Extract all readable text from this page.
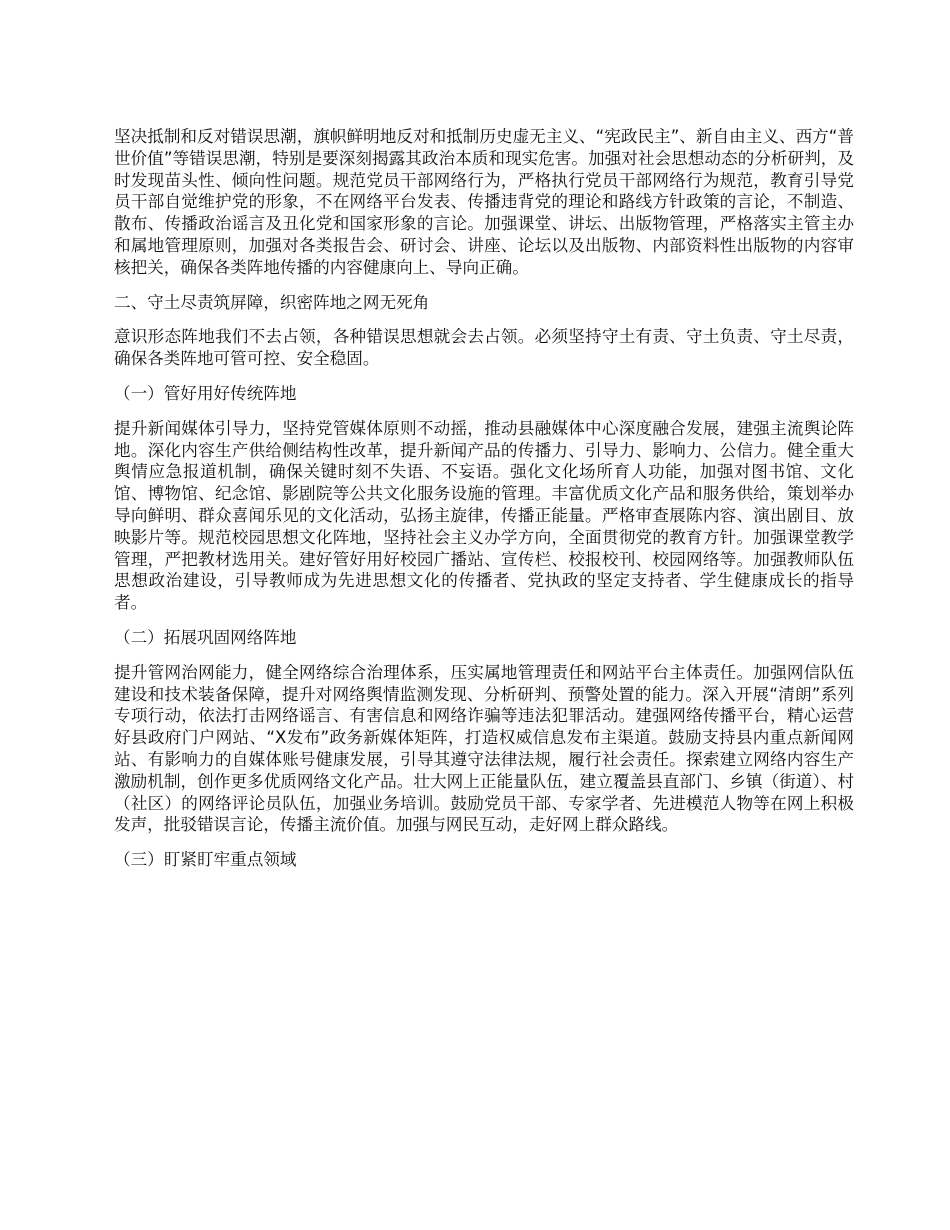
坚决抵制和反对错误思潮，旗帜鲜明地反对和抵制历史虚无主义、“宪政民主”、新自由主义、西方“普世价值”等错误思潮，特别是要深刻揭露其政治本质和现实危害。加强对社会思想动态的分析研判，及时发现苗头性、倾向性问题。规范党员干部网络行为，严格执行党员干部网络行为规范，教育引导党员干部自觉维护党的形象，不在网络平台发表、传播违背党的理论和路线方针政策的言论，不制造、散布、传播政治谣言及丑化党和国家形象的言论。加强课堂、讲坛、出版物管理，严格落实主管主办和属地管理原则，加强对各类报告会、研讨会、讲座、论坛以及出版物、内部资料性出版物的内容审核把关，确保各类阵地传播的内容健康向上、导向正确。

二、守土尽责筑屏障，织密阵地之网无死角

意识形态阵地我们不去占领，各种错误思想就会去占领。必须坚持守土有责、守土负责、守土尽责，确保各类阵地可管可控、安全稳固。

（一）管好用好传统阵地

提升新闻媒体引导力，坚持党管媒体原则不动摇，推动县融媒体中心深度融合发展，建强主流舆论阵地。深化内容生产供给侧结构性改革，提升新闻产品的传播力、引导力、影响力、公信力。健全重大舆情应急报道机制，确保关键时刻不失语、不妄语。强化文化场所育人功能，加强对图书馆、文化馆、博物馆、纪念馆、影剧院等公共文化服务设施的管理。丰富优质文化产品和服务供给，策划举办导向鲜明、群众喜闻乐见的文化活动，弘扬主旋律，传播正能量。严格审查展陈内容、演出剧目、放映影片等。规范校园思想文化阵地，坚持社会主义办学方向，全面贯彻党的教育方针。加强课堂教学管理，严把教材选用关。建好管好用好校园广播站、宣传栏、校报校刊、校园网络等。加强教师队伍思想政治建设，引导教师成为先进思想文化的传播者、党执政的坚定支持者、学生健康成长的指导者。

（二）拓展巩固网络阵地

提升管网治网能力，健全网络综合治理体系，压实属地管理责任和网站平台主体责任。加强网信队伍建设和技术装备保障，提升对网络舆情监测发现、分析研判、预警处置的能力。深入开展“清朗”系列专项行动，依法打击网络谣言、有害信息和网络诈骗等违法犯罪活动。建强网络传播平台，精心运营好县政府门户网站、“X发布”政务新媒体矩阵，打造权威信息发布主渠道。鼓励支持县内重点新闻网站、有影响力的自媒体账号健康发展，引导其遵守法律法规，履行社会责任。探索建立网络内容生产激励机制，创作更多优质网络文化产品。壮大网上正能量队伍，建立覆盖县直部门、乡镇（街道）、村（社区）的网络评论员队伍，加强业务培训。鼓励党员干部、专家学者、先进模范人物等在网上积极发声，批驳错误言论，传播主流价值。加强与网民互动，走好网上群众路线。

（三）盯紧盯牢重点领域
